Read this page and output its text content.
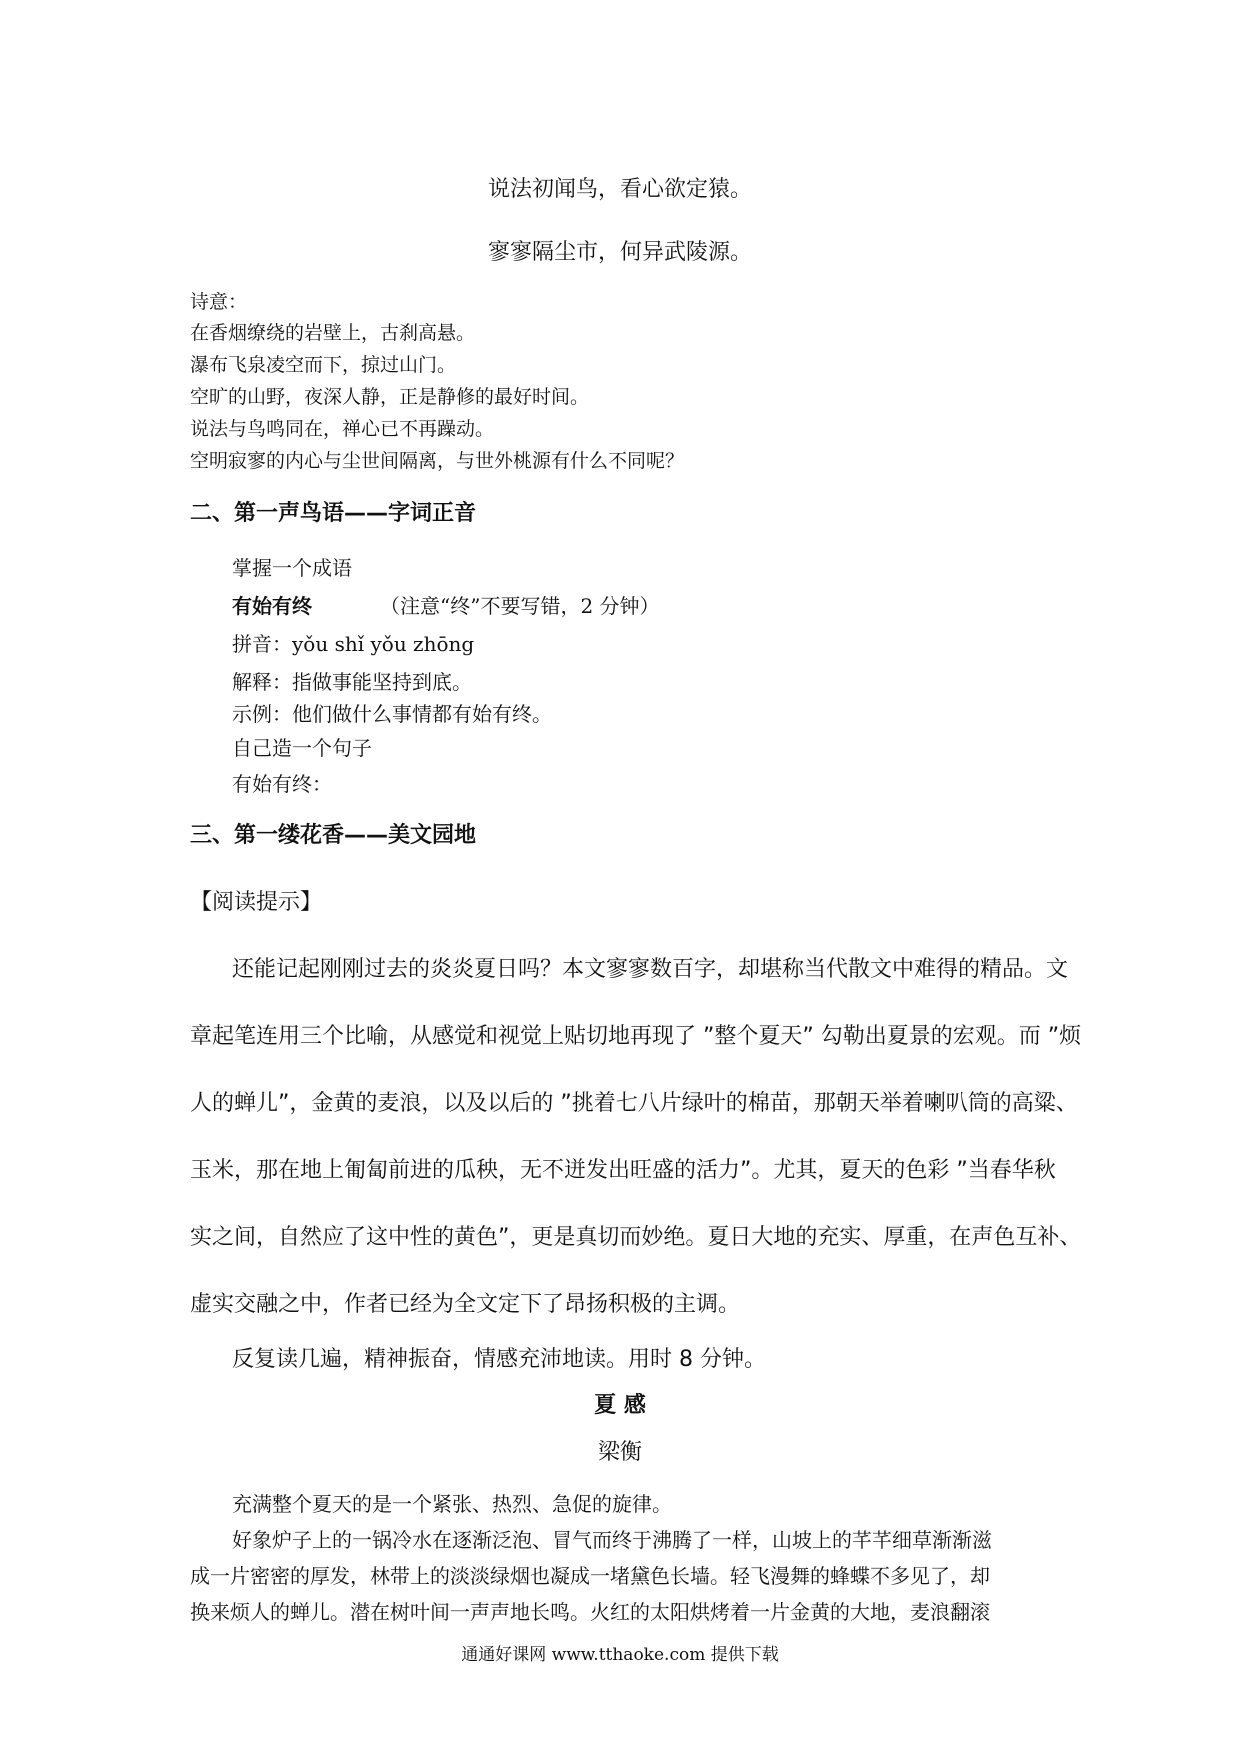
说法初闻鸟，看心欲定猿。
寥寥隔尘市，何异武陵源。
诗意：
在香烟缭绕的岩壁上，古刹高悬。
瀑布飞泉凌空而下，掠过山门。
空旷的山野，夜深人静，正是静修的最好时间。
说法与鸟鸣同在，禅心已不再躁动。
空明寂寥的内心与尘世间隔离，与世外桃源有什么不同呢？
二、第一声鸟语——字词正音
掌握一个成语
有始有终	（注意“终”不要写错，2 分钟）
拼音：yǒu shǐ yǒu zhōng
解释：指做事能坚持到底。
示例：他们做什么事情都有始有终。
自己造一个句子
有始有终：
三、第一缕花香——美文园地
【阅读提示】
还能记起刚刚过去的炎炎夏日吗？本文寥寥数百字，却堪称当代散文中难得的精品。文
章起笔连用三个比喻，从感觉和视觉上贴切地再现了 ”整个夏天” 勾勒出夏景的宏观。而 ”烦
人的蝉儿”，金黄的麦浪，以及以后的 ”挑着七八片绿叶的棉苗，那朝天举着喇叭筒的高粱、
玉米，那在地上匍匐前进的瓜秧，无不迸发出旺盛的活力”。尤其，夏天的色彩 ”当春华秋
实之间，自然应了这中性的黄色”，更是真切而妙绝。夏日大地的充实、厚重，在声色互补、
虚实交融之中，作者已经为全文定下了昂扬积极的主调。
反复读几遍，精神振奋，情感充沛地读。用时 8 分钟。
夏 感
梁衡
充满整个夏天的是一个紧张、热烈、急促的旋律。
好象炉子上的一锅冷水在逐渐泛泡、冒气而终于沸腾了一样，山坡上的芊芊细草渐渐滋
成一片密密的厚发，林带上的淡淡绿烟也凝成一堵黛色长墙。轻飞漫舞的蜂蝶不多见了，却
换来烦人的蝉儿。潜在树叶间一声声地长鸣。火红的太阳烘烤着一片金黄的大地，麦浪翻滚
通通好课网 www.tthaoke.com 提供下载
